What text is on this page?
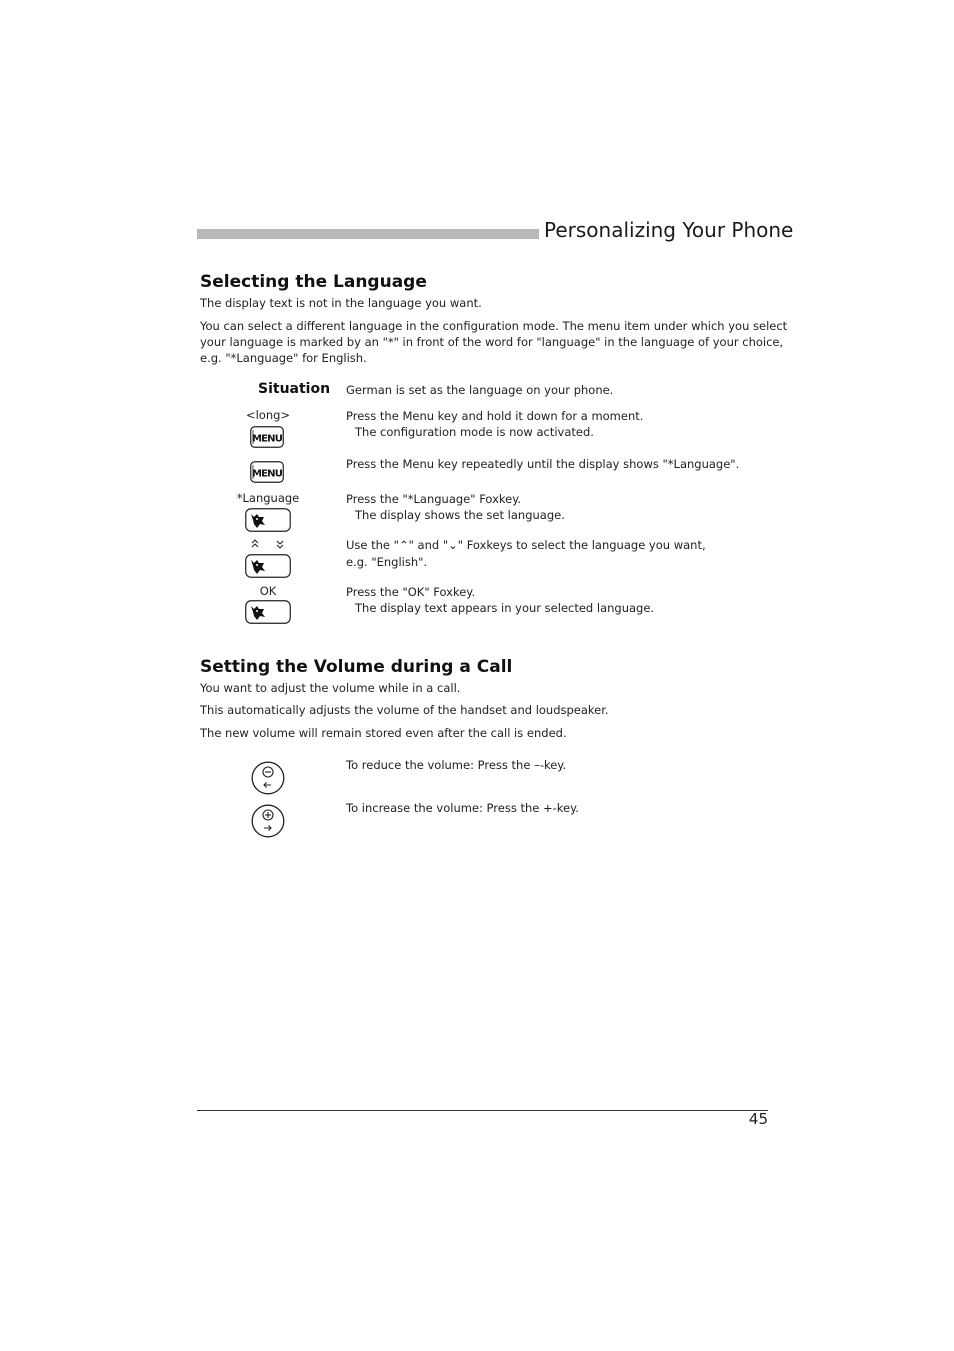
Personalizing Your Phone
Selecting the Language
The display text is not in the language you want.
You can select a different language in the configuration mode. The menu item under which you select
your language is marked by an "*" in front of the word for "language" in the language of your choice,
e.g. "*Language" for English.
Situation German is set as the language on your phone.
<long>
MENU
Press the Menu key and hold it down for a moment.
The configuration mode is now activated.
MENU
Press the Menu key repeatedly until the display shows "*Language".
*Language	Press the "*Language" Foxkey.
The display shows the set language.
Use the "⌃" and "⌄" Foxkeys to select the language you want,
e.g. "English".
OK	Press the "OK" Foxkey.
The display text appears in your selected language.
Setting the Volume during a Call
You want to adjust the volume while in a call.
This automatically adjusts the volume of the handset and loudspeaker.
The new volume will remain stored even after the call is ended.
To reduce the volume: Press the –-key.
To increase the volume: Press the +-key.
45
